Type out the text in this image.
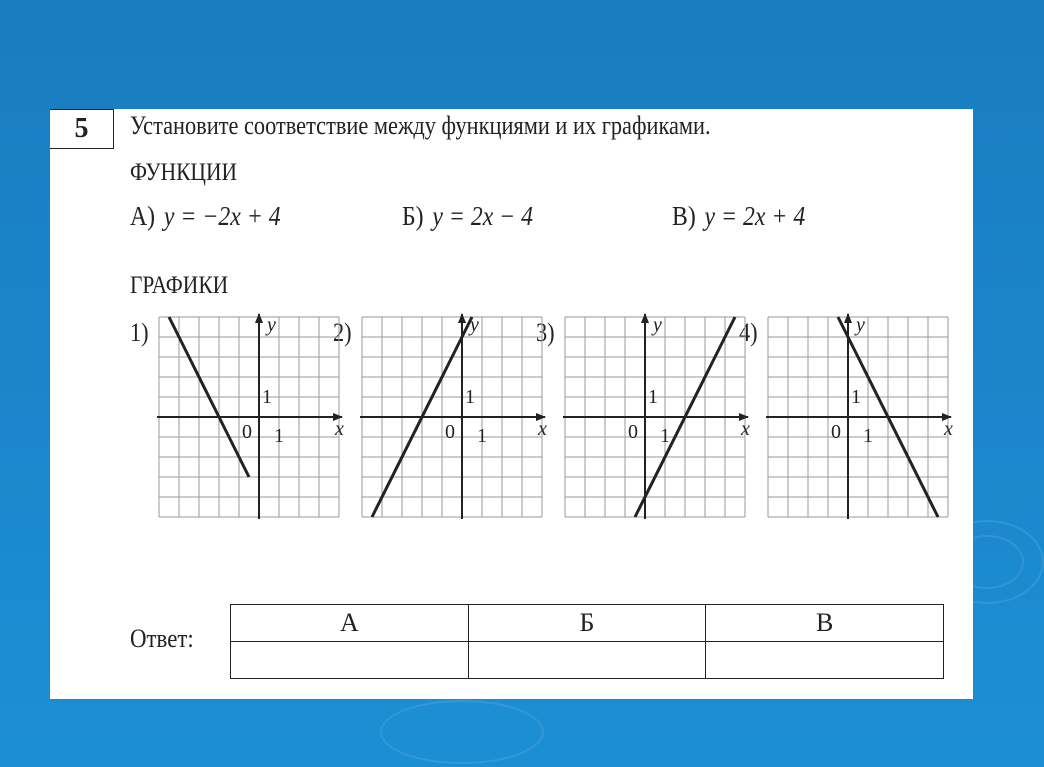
5	Установите соответствие между функциями и их графиками.
ФУНКЦИИ
А) y = −2x + 4	Б) y = 2x − 4	В) y = 2x + 4
ГРАФИКИ
1)	2)	3)	4)
0 1
1
x
y
0 1
1
x
y
0 1
1
x
y
0 1
1
x
y
Ответ:
А	Б	В
